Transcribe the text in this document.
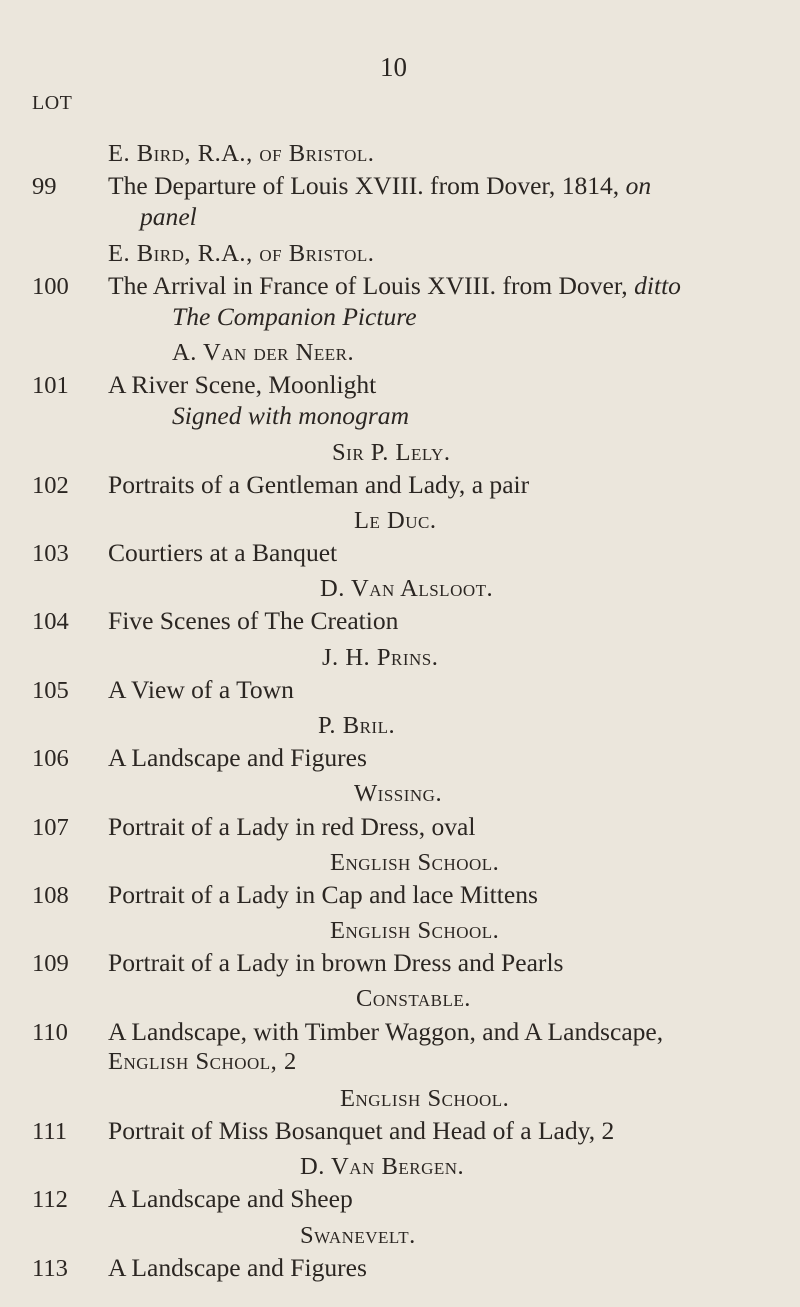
LOT
10
E. Bird, R.A., of Bristol.
99 The Departure of Louis XVIII. from Dover, 1814, on
panel
E. Bird, R.A., of Bristol.
100 The Arrival in France of Louis XVIII. from Dover, ditto
The Companion Picture
A. Van der Neer.
101 A River Scene, Moonlight
Signed with monogram
Sir P. Lely.
102 Portraits of a Gentleman and Lady, a pair
Le Duc.
103 Courtiers at a Banquet
D. Van Alsloot.
104 Five Scenes of The Creation
J. H. Prins.
105 A View of a Town
P. Bril.
106 A Landscape and Figures
Wissing.
107 Portrait of a Lady in red Dress, oval
English School.
108 Portrait of a Lady in Cap and lace Mittens
English School.
109 Portrait of a Lady in brown Dress and Pearls
Constable.
110 A Landscape, with Timber Waggon, and A Landscape,
English School, 2
English School.
111 Portrait of Miss Bosanquet and Head of a Lady, 2
D. Van Bergen.
112 A Landscape and Sheep
Swanevelt.
113 A Landscape and Figures
